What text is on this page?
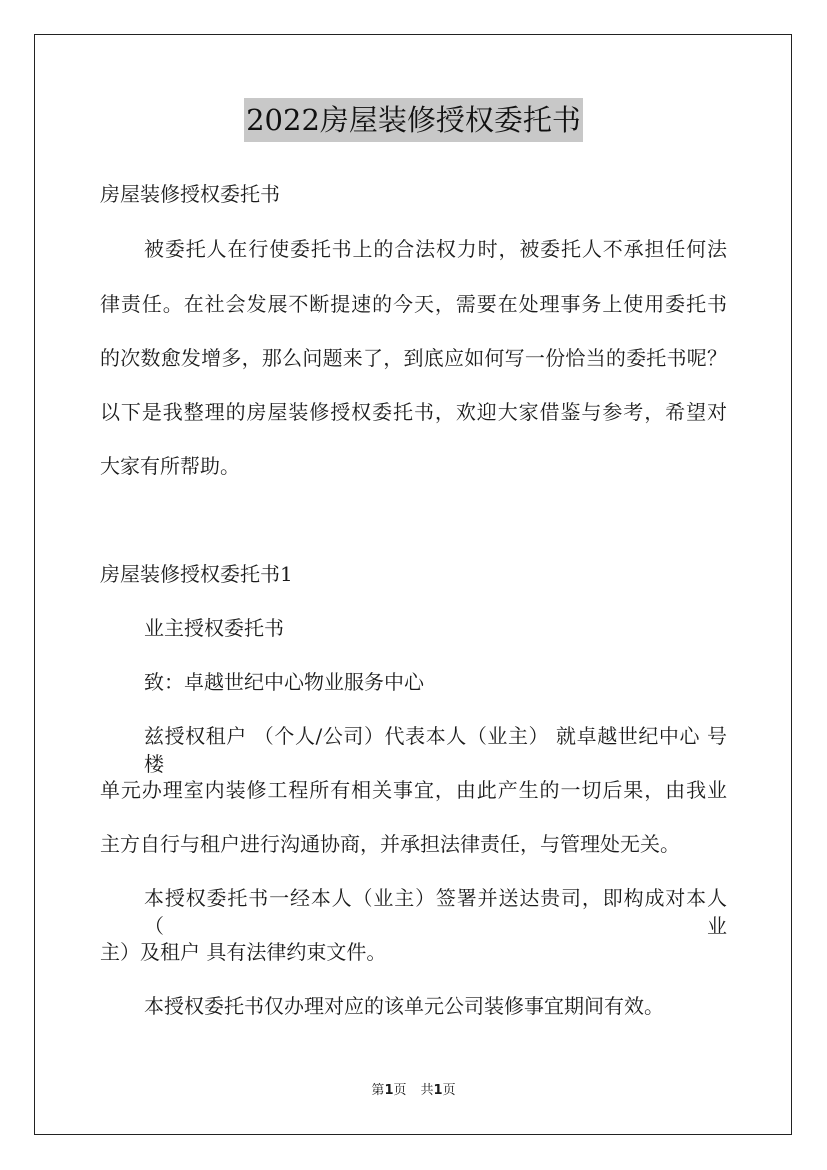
2022房屋装修授权委托书
房屋装修授权委托书
被委托人在行使委托书上的合法权力时，被委托人不承担任何法
律责任。在社会发展不断提速的今天，需要在处理事务上使用委托书
的次数愈发增多，那么问题来了，到底应如何写一份恰当的委托书呢？
以下是我整理的房屋装修授权委托书，欢迎大家借鉴与参考，希望对
大家有所帮助。
房屋装修授权委托书1
业主授权委托书
致：卓越世纪中心物业服务中心
兹授权租户 （个人/公司）代表本人（业主） 就卓越世纪中心 号楼
单元办理室内装修工程所有相关事宜，由此产生的一切后果，由我业
主方自行与租户进行沟通协商，并承担法律责任，与管理处无关。
本授权委托书一经本人（业主）签署并送达贵司，即构成对本人（业
主）及租户 具有法律约束文件。
本授权委托书仅办理对应的该单元公司装修事宜期间有效。
第1页 共1页
